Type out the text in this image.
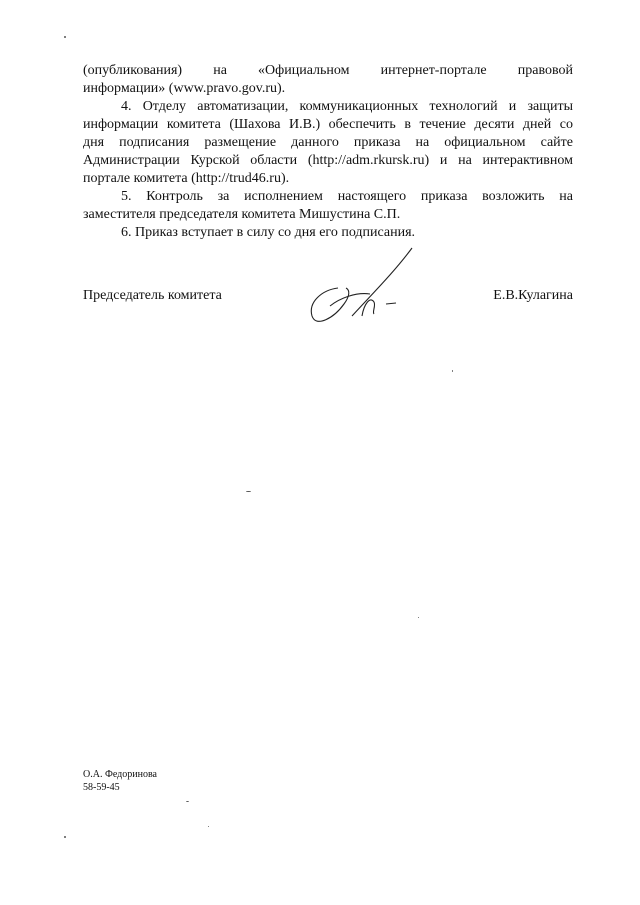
(опубликования) на «Официальном интернет-портале правовой
информации» (www.pravo.gov.ru).
4. Отделу автоматизации, коммуникационных технологий и защиты
информации комитета (Шахова И.В.) обеспечить в течение десяти дней со
дня подписания размещение данного приказа на официальном сайте
Администрации Курской области (http://adm.rkursk.ru) и на интерактивном
портале комитета (http://trud46.ru).
5. Контроль за исполнением настоящего приказа возложить на
заместителя председателя комитета Мишустина С.П.
6. Приказ вступает в силу со дня его подписания.
Председатель комитета	Е.В.Кулагина
О.А. Федоринова
58-59-45
